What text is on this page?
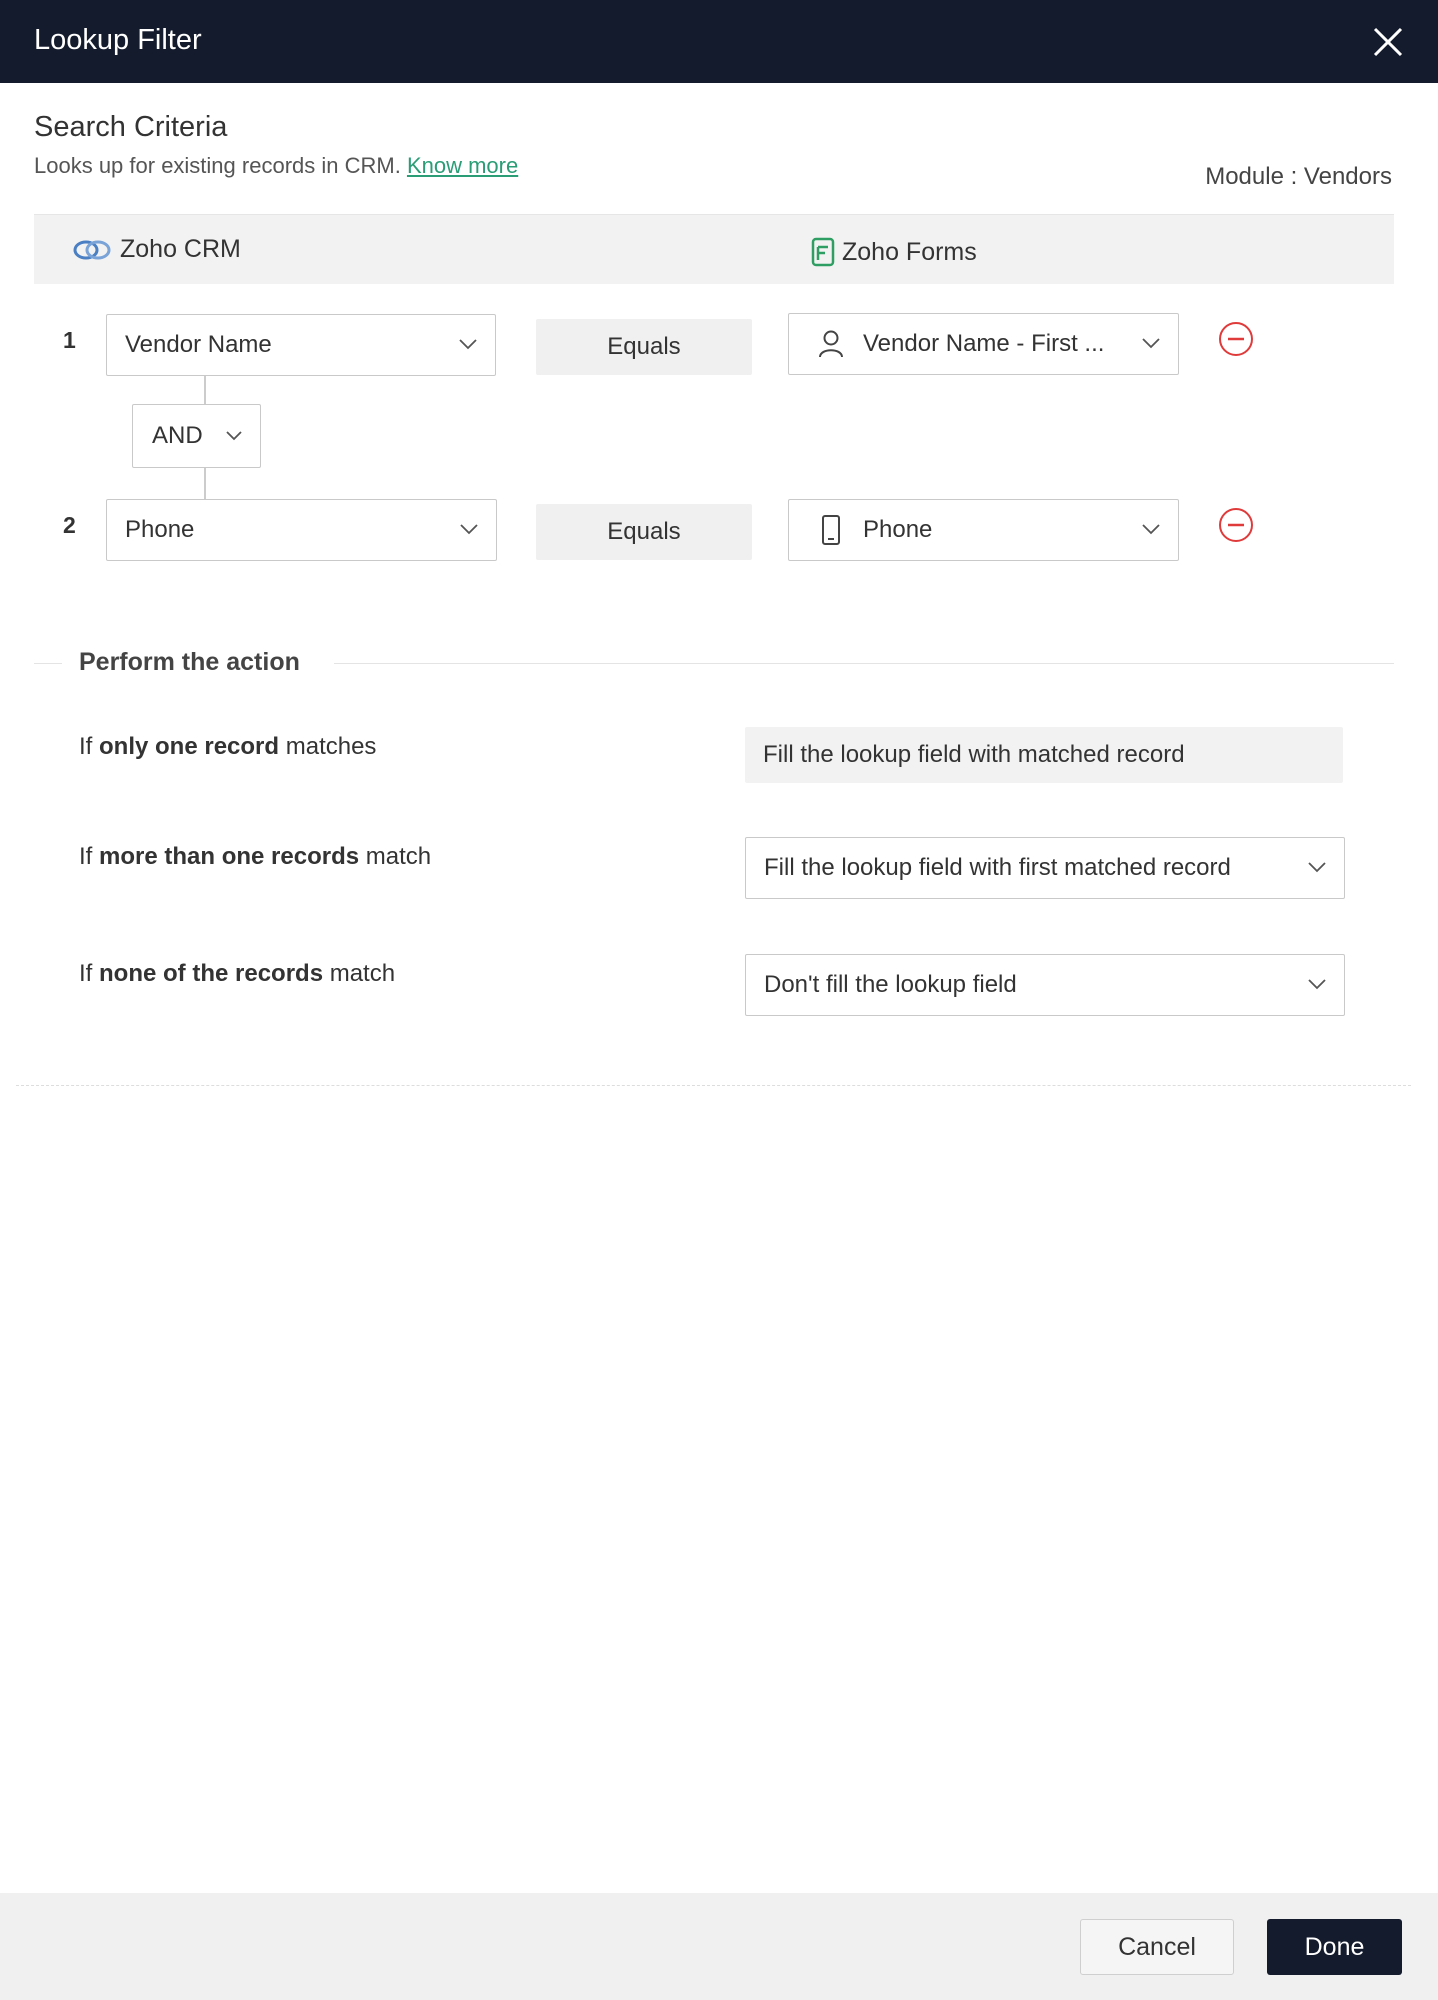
Lookup Filter
Search Criteria
Looks up for existing records in CRM. Know more	Module : Vendors
Zoho CRM	Zoho Forms
1 Vendor Name	Equals	Vendor Name - First ...
AND
2 Phone	Equals	Phone
Perform the action
If only one record matches	Fill the lookup field with matched record
If more than one records match	Fill the lookup field with first matched record
If none of the records match	Don't fill the lookup field
Cancel	Done
